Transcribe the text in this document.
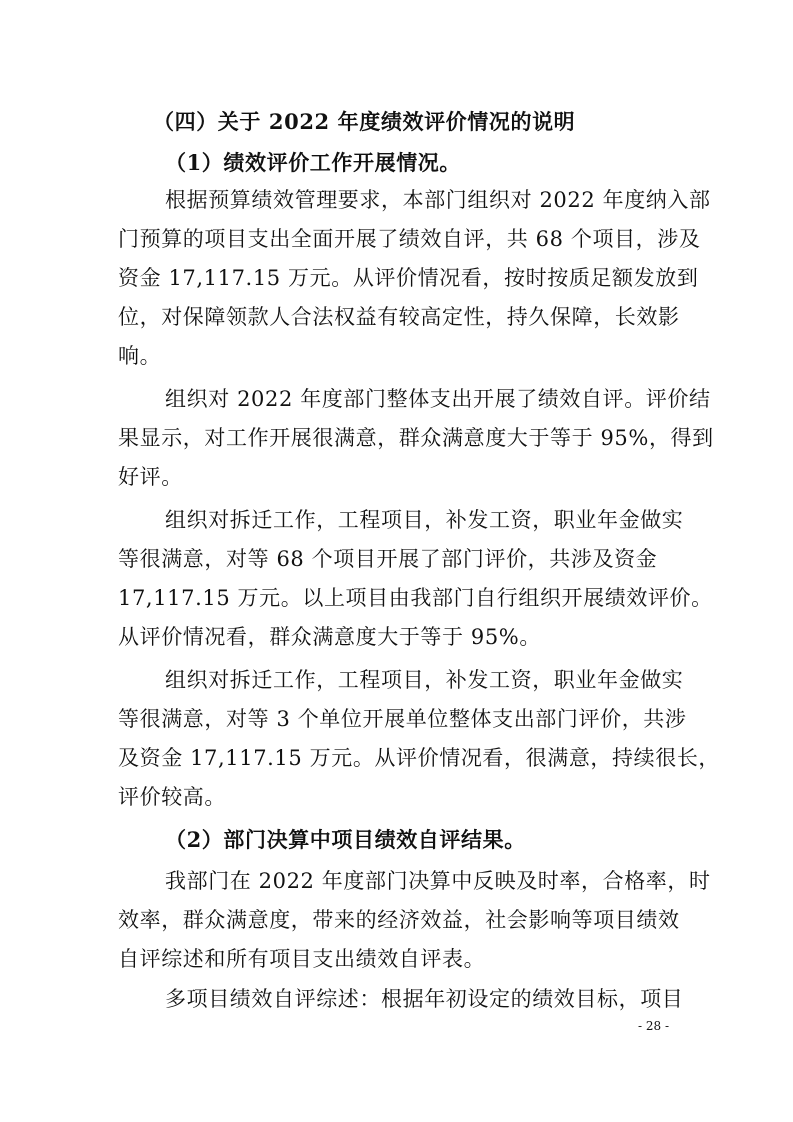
（四）关于 2022 年度绩效评价情况的说明
（1）绩效评价工作开展情况。
根据预算绩效管理要求，本部门组织对 2022 年度纳入部
门预算的项目支出全面开展了绩效自评，共 68 个项目，涉及
资金 17,117.15 万元。从评价情况看，按时按质足额发放到
位，对保障领款人合法权益有较高定性，持久保障，长效影
响。
组织对 2022 年度部门整体支出开展了绩效自评。评价结
果显示，对工作开展很满意，群众满意度大于等于 95%，得到
好评。
组织对拆迁工作，工程项目，补发工资，职业年金做实
等很满意，对等 68 个项目开展了部门评价，共涉及资金
17,117.15 万元。以上项目由我部门自行组织开展绩效评价。
从评价情况看，群众满意度大于等于 95%。
组织对拆迁工作，工程项目，补发工资，职业年金做实
等很满意，对等 3 个单位开展单位整体支出部门评价，共涉
及资金 17,117.15 万元。从评价情况看，很满意，持续很长，
评价较高。
（2）部门决算中项目绩效自评结果。
我部门在 2022 年度部门决算中反映及时率，合格率，时
效率，群众满意度，带来的经济效益，社会影响等项目绩效
自评综述和所有项目支出绩效自评表。
多项目绩效自评综述：根据年初设定的绩效目标，项目
- 28 -
